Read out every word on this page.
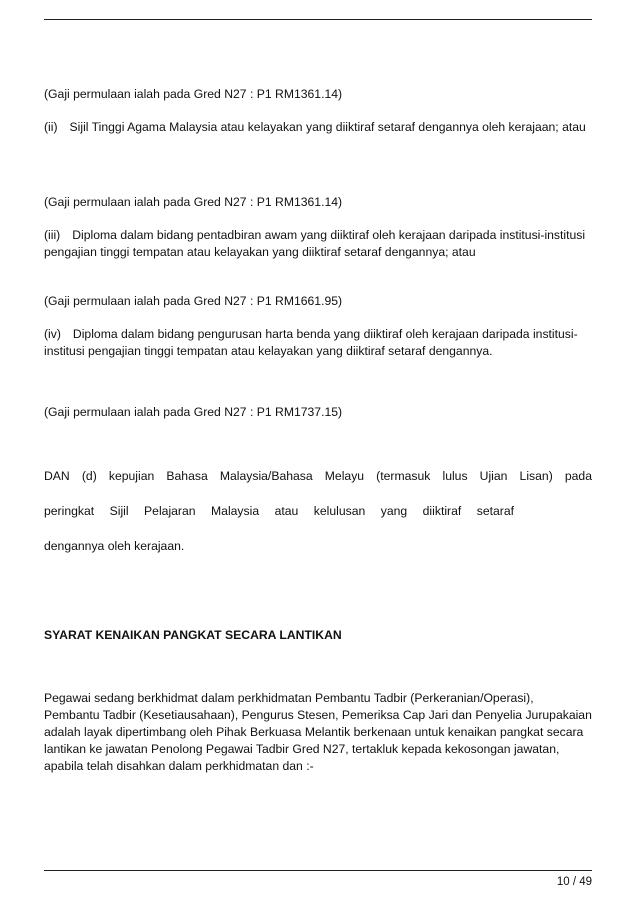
(Gaji permulaan ialah pada Gred N27 : P1 RM1361.14)

(ii) Sijil Tinggi Agama Malaysia atau kelayakan yang diiktiraf setaraf dengannya oleh kerajaan; atau

(Gaji permulaan ialah pada Gred N27 : P1 RM1361.14)

(iii) Diploma dalam bidang pentadbiran awam yang diiktiraf oleh kerajaan daripada institusi-institusi pengajian tinggi tempatan atau kelayakan yang diiktiraf setaraf dengannya; atau

(Gaji permulaan ialah pada Gred N27 : P1 RM1661.95)

(iv) Diploma dalam bidang pengurusan harta benda yang diiktiraf oleh kerajaan daripada institusi-institusi pengajian tinggi tempatan atau kelayakan yang diiktiraf setaraf dengannya.

(Gaji permulaan ialah pada Gred N27 : P1 RM1737.15)

DAN (d) kepujian Bahasa Malaysia/Bahasa Melayu (termasuk lulus Ujian Lisan) pada

peringkat Sijil Pelajaran Malaysia atau kelulusan yang diiktiraf setaraf

dengannya oleh kerajaan.

SYARAT KENAIKAN PANGKAT SECARA LANTIKAN

Pegawai sedang berkhidmat dalam perkhidmatan Pembantu Tadbir (Perkeranian/Operasi), Pembantu Tadbir (Kesetiausahaan), Pengurus Stesen, Pemeriksa Cap Jari dan Penyelia Jurupakaian adalah layak dipertimbang oleh Pihak Berkuasa Melantik berkenaan untuk kenaikan pangkat secara lantikan ke jawatan Penolong Pegawai Tadbir Gred N27, tertakluk kepada kekosongan jawatan, apabila telah disahkan dalam perkhidmatan dan :-

10 / 49
